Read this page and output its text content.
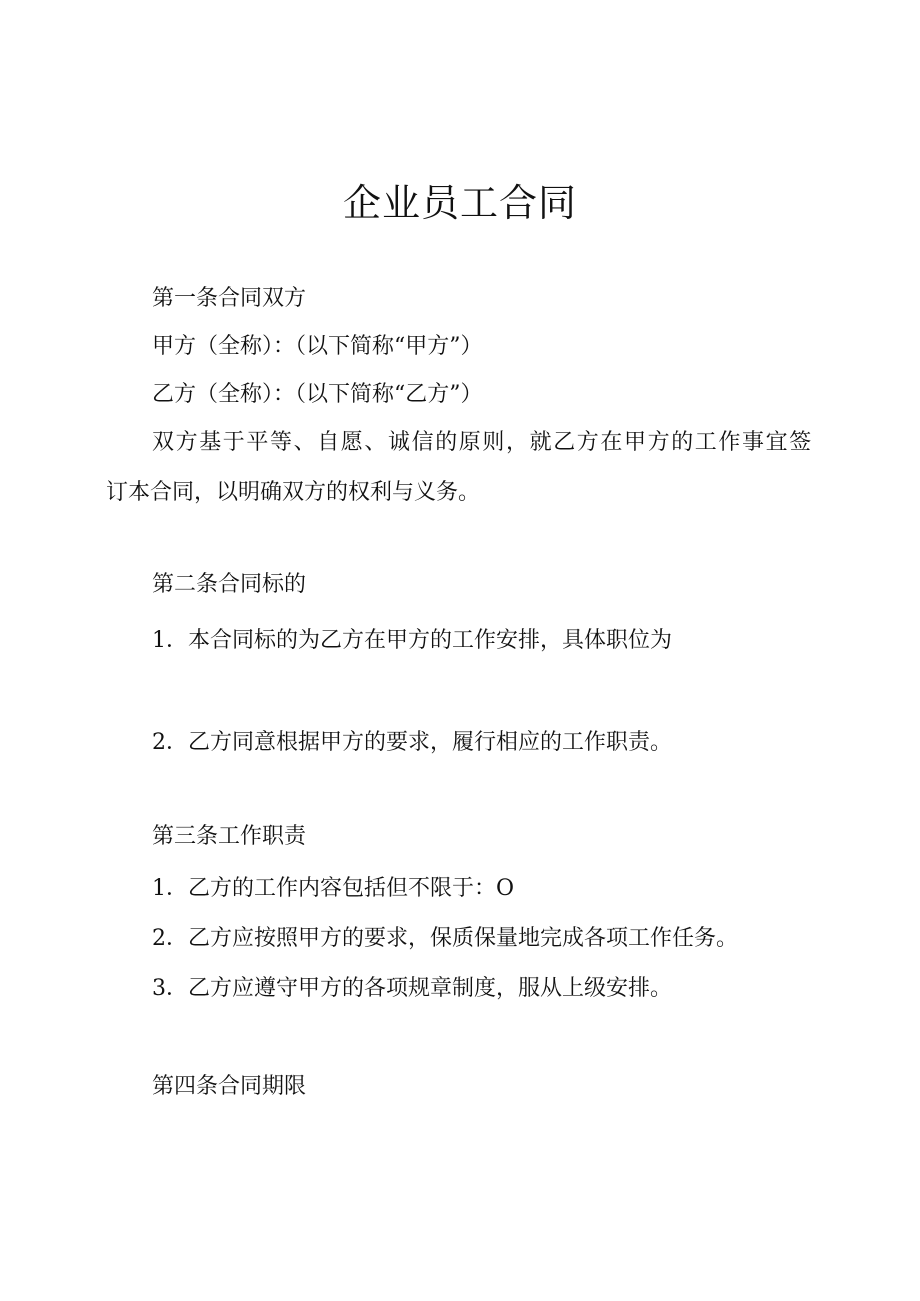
企业员工合同

第一条合同双方

甲方（全称）：（以下简称“甲方”）

乙方（全称）：（以下简称“乙方”）

双方基于平等、自愿、诚信的原则，就乙方在甲方的工作事宜签

订本合同，以明确双方的权利与义务。

第二条合同标的

1．本合同标的为乙方在甲方的工作安排，具体职位为

2．乙方同意根据甲方的要求，履行相应的工作职责。

第三条工作职责

1．乙方的工作内容包括但不限于：O

2．乙方应按照甲方的要求，保质保量地完成各项工作任务。

3．乙方应遵守甲方的各项规章制度，服从上级安排。

第四条合同期限
